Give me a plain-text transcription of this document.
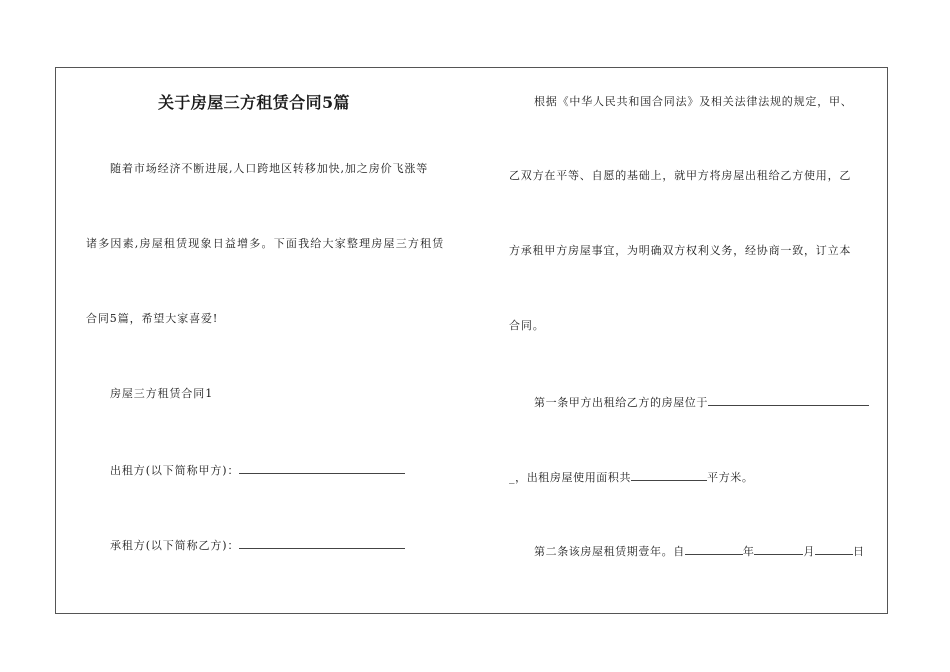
关于房屋三方租赁合同5篇
随着市场经济不断进展,人口跨地区转移加快,加之房价飞涨等
诸多因素,房屋租赁现象日益增多。下面我给大家整理房屋三方租赁
合同5篇，希望大家喜爱!
房屋三方租赁合同1
出租方(以下简称甲方)：
承租方(以下简称乙方)：
根据《中华人民共和国合同法》及相关法律法规的规定，甲、
乙双方在平等、自愿的基础上，就甲方将房屋出租给乙方使用，乙
方承租甲方房屋事宜，为明确双方权利义务，经协商一致，订立本
合同。
第一条甲方出租给乙方的房屋位于
_，出租房屋使用面积共	平方米。
第二条该房屋租赁期壹年。自	年	月	日
